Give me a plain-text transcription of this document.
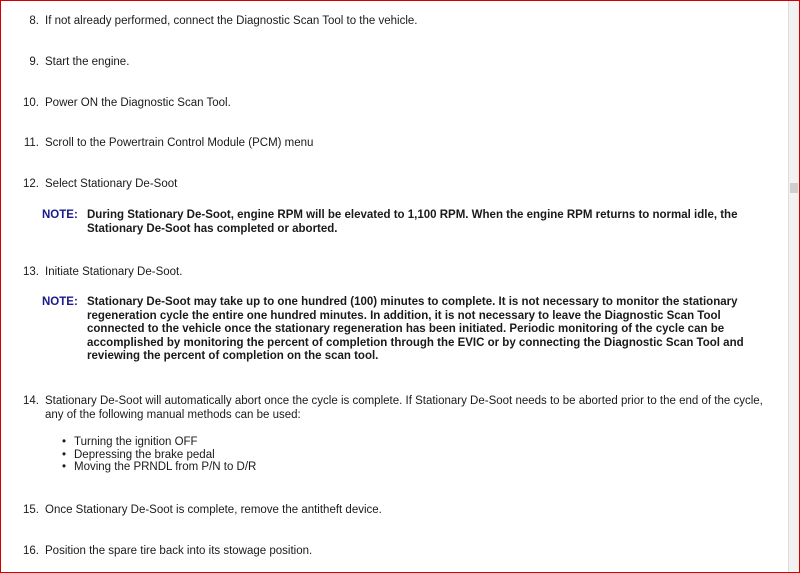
8. If not already performed, connect the Diagnostic Scan Tool to the vehicle.
9. Start the engine.
10. Power ON the Diagnostic Scan Tool.
11. Scroll to the Powertrain Control Module (PCM) menu
12. Select Stationary De-Soot
NOTE: During Stationary De-Soot, engine RPM will be elevated to 1,100 RPM. When the engine RPM returns to normal idle, the Stationary De-Soot has completed or aborted.
13. Initiate Stationary De-Soot.
NOTE: Stationary De-Soot may take up to one hundred (100) minutes to complete. It is not necessary to monitor the stationary regeneration cycle the entire one hundred minutes. In addition, it is not necessary to leave the Diagnostic Scan Tool connected to the vehicle once the stationary regeneration has been initiated. Periodic monitoring of the cycle can be accomplished by monitoring the percent of completion through the EVIC or by connecting the Diagnostic Scan Tool and reviewing the percent of completion on the scan tool.
14. Stationary De-Soot will automatically abort once the cycle is complete. If Stationary De-Soot needs to be aborted prior to the end of the cycle, any of the following manual methods can be used:
• Turning the ignition OFF
• Depressing the brake pedal
• Moving the PRNDL from P/N to D/R
15. Once Stationary De-Soot is complete, remove the antitheft device.
16. Position the spare tire back into its stowage position.
